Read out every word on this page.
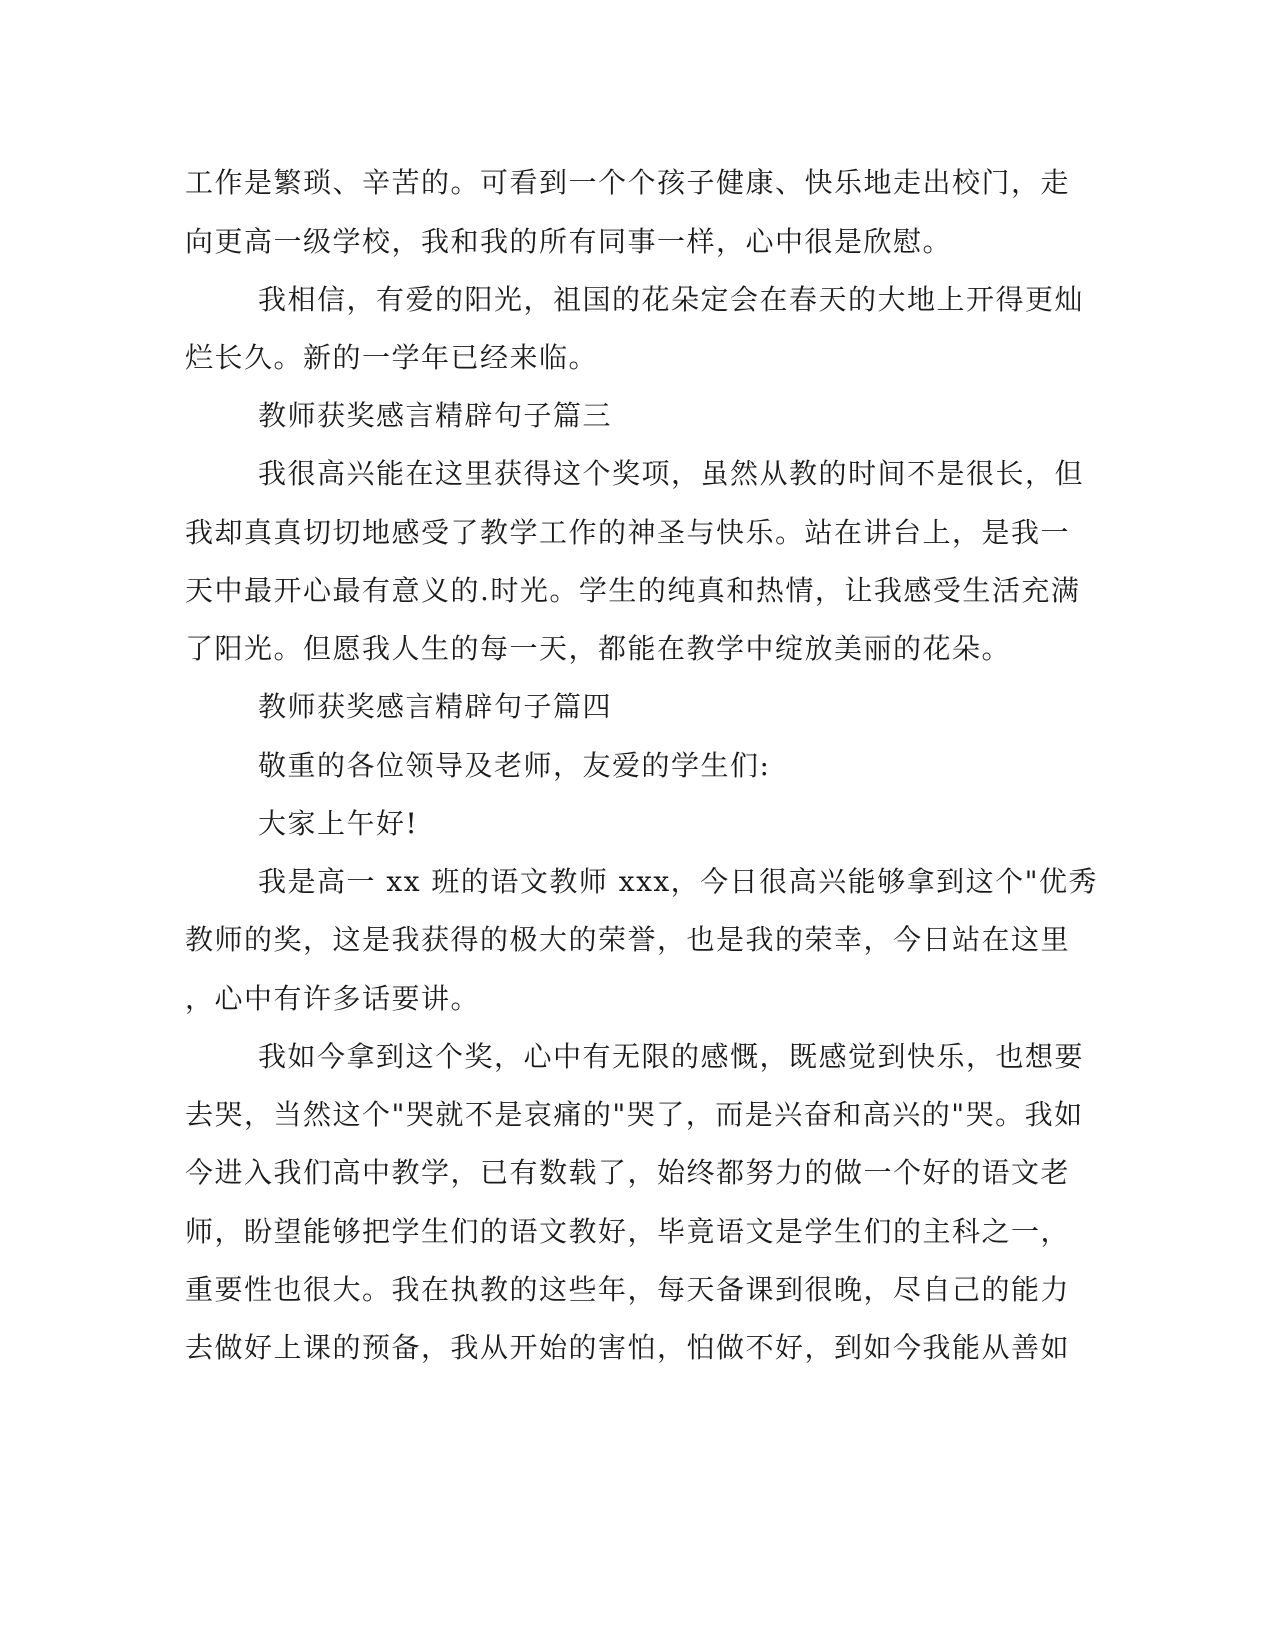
工作是繁琐、辛苦的。可看到一个个孩子健康、快乐地走出校门，走
向更高一级学校，我和我的所有同事一样，心中很是欣慰。
我相信，有爱的阳光，祖国的花朵定会在春天的大地上开得更灿
烂长久。新的一学年已经来临。
教师获奖感言精辟句子篇三
我很高兴能在这里获得这个奖项，虽然从教的时间不是很长，但
我却真真切切地感受了教学工作的神圣与快乐。站在讲台上，是我一
天中最开心最有意义的.时光。学生的纯真和热情，让我感受生活充满
了阳光。但愿我人生的每一天，都能在教学中绽放美丽的花朵。
教师获奖感言精辟句子篇四
敬重的各位领导及老师，友爱的学生们:
大家上午好!
我是高一 xx 班的语文教师 xxx，今日很高兴能够拿到这个"优秀
教师的奖，这是我获得的极大的荣誉，也是我的荣幸，今日站在这里
，心中有许多话要讲。
我如今拿到这个奖，心中有无限的感慨，既感觉到快乐，也想要
去哭，当然这个"哭就不是哀痛的"哭了，而是兴奋和高兴的"哭。我如
今进入我们高中教学，已有数载了，始终都努力的做一个好的语文老
师，盼望能够把学生们的语文教好，毕竟语文是学生们的主科之一，
重要性也很大。我在执教的这些年，每天备课到很晚，尽自己的能力
去做好上课的预备，我从开始的害怕，怕做不好，到如今我能从善如
